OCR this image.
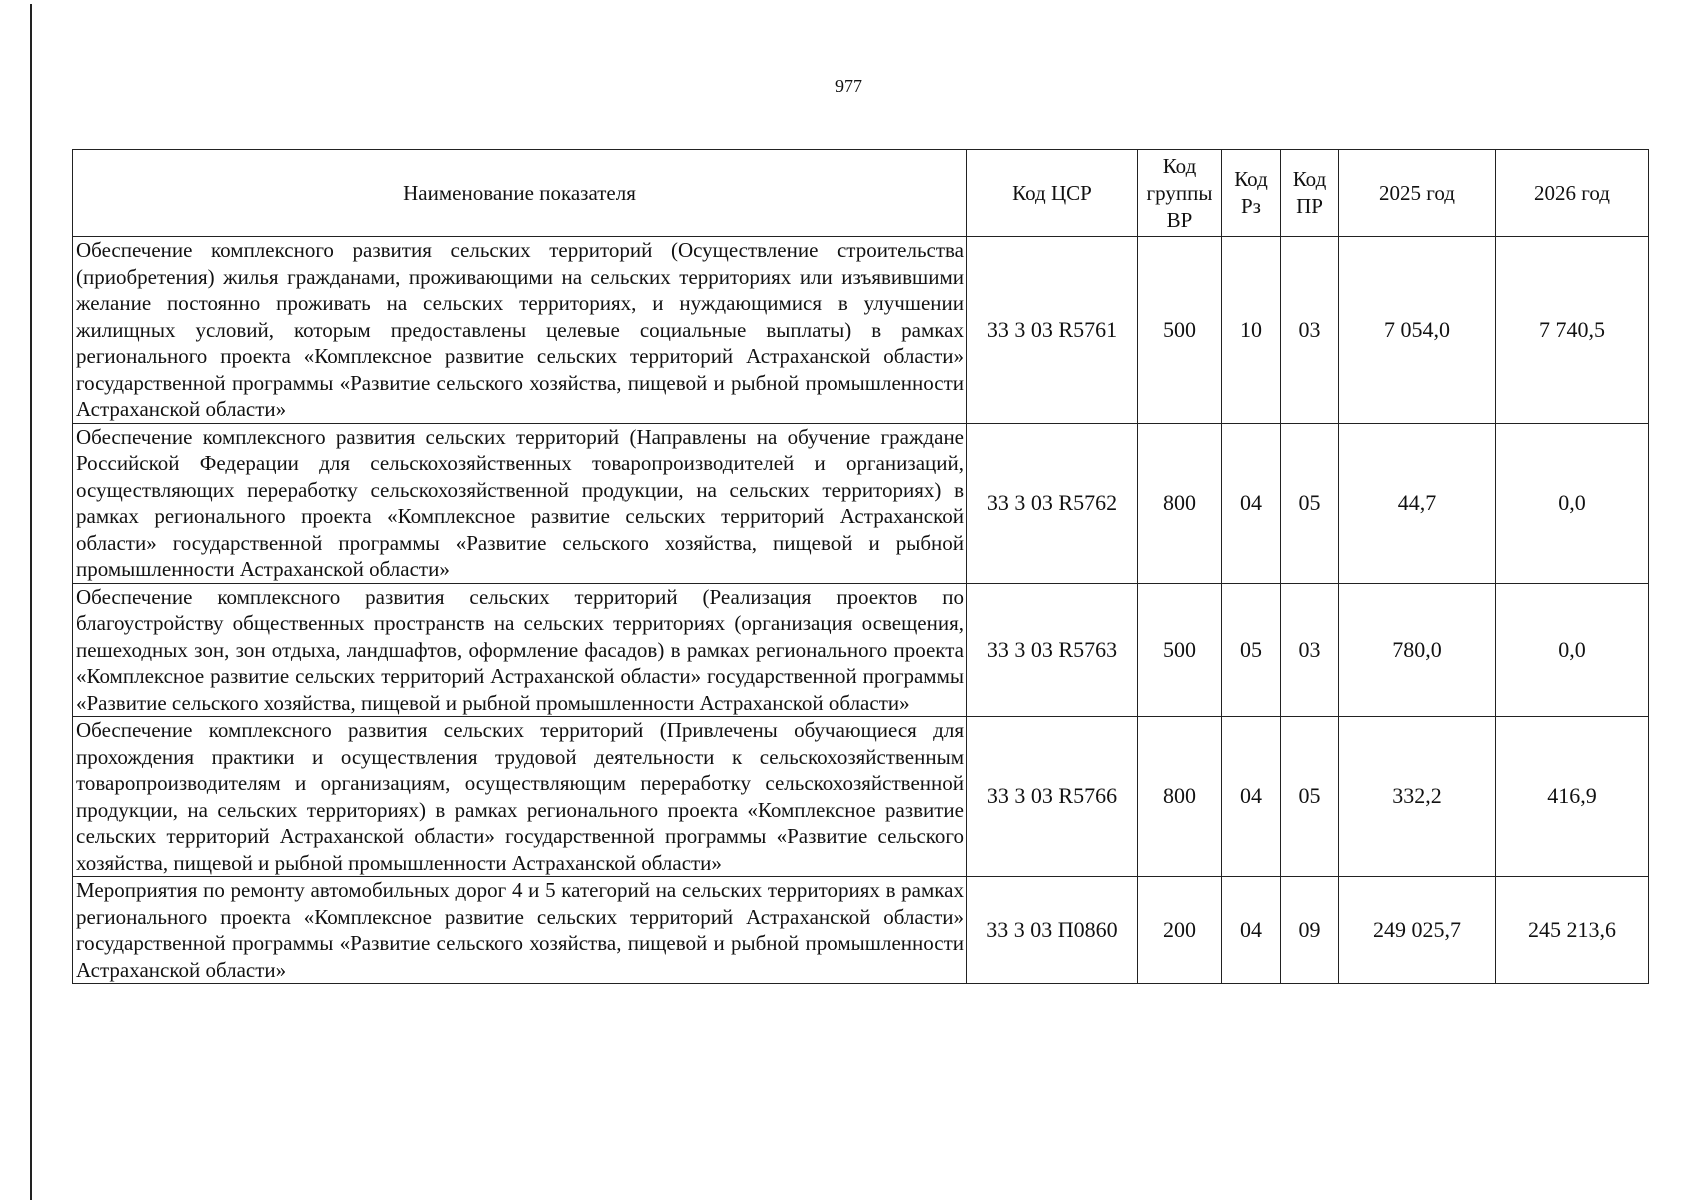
977
Наименование показателя	Код ЦСР	Код группы ВР	Код Рз	Код ПР	2025 год	2026 год
Обеспечение комплексного развития сельских территорий (Осуществление строительства (приобретения) жилья гражданами, проживающими на сельских территориях или изъявившими желание постоянно проживать на сельских территориях, и нуждающимися в улучшении жилищных условий, которым предоставлены целевые социальные выплаты) в рамках регионального проекта «Комплексное развитие сельских территорий Астраханской области» государственной программы «Развитие сельского хозяйства, пищевой и рыбной промышленности Астраханской области»	33 3 03 R5761	500	10	03	7 054,0	7 740,5
Обеспечение комплексного развития сельских территорий (Направлены на обучение граждане Российской Федерации для сельскохозяйственных товаропроизводителей и организаций, осуществляющих переработку сельскохозяйственной продукции, на сельских территориях) в рамках регионального проекта «Комплексное развитие сельских территорий Астраханской области» государственной программы «Развитие сельского хозяйства, пищевой и рыбной промышленности Астраханской области»	33 3 03 R5762	800	04	05	44,7	0,0
Обеспечение комплексного развития сельских территорий (Реализация проектов по благоустройству общественных пространств на сельских территориях (организация освещения, пешеходных зон, зон отдыха, ландшафтов, оформление фасадов) в рамках регионального проекта «Комплексное развитие сельских территорий Астраханской области» государственной программы «Развитие сельского хозяйства, пищевой и рыбной промышленности Астраханской области»	33 3 03 R5763	500	05	03	780,0	0,0
Обеспечение комплексного развития сельских территорий (Привлечены обучающиеся для прохождения практики и осуществления трудовой деятельности к сельскохозяйственным товаропроизводителям и организациям, осуществляющим переработку сельскохозяйственной продукции, на сельских территориях) в рамках регионального проекта «Комплексное развитие сельских территорий Астраханской области» государственной программы «Развитие сельского хозяйства, пищевой и рыбной промышленности Астраханской области»	33 3 03 R5766	800	04	05	332,2	416,9
Мероприятия по ремонту автомобильных дорог 4 и 5 категорий на сельских территориях в рамках регионального проекта «Комплексное развитие сельских территорий Астраханской области» государственной программы «Развитие сельского хозяйства, пищевой и рыбной промышленности Астраханской области»	33 3 03 П0860	200	04	09	249 025,7	245 213,6
